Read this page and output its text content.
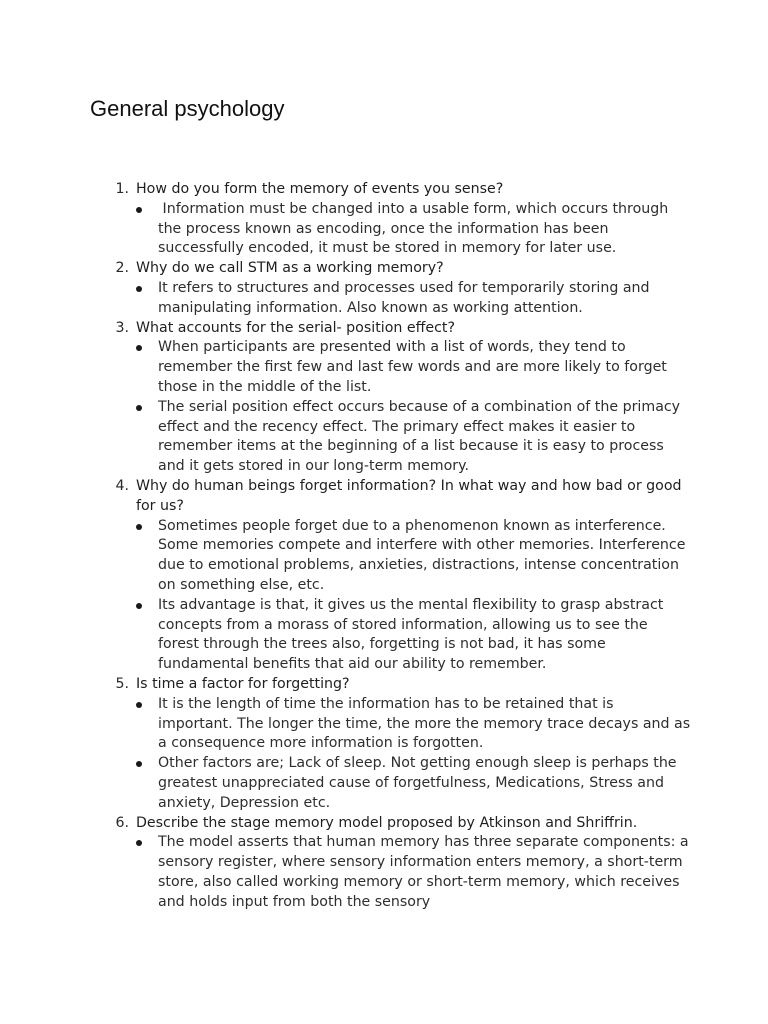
General psychology
1. How do you form the memory of events you sense?
Information must be changed into a usable form, which occurs through the process known as encoding, once the information has been successfully encoded, it must be stored in memory for later use.
2. Why do we call STM as a working memory?
It refers to structures and processes used for temporarily storing and manipulating information. Also known as working attention.
3. What accounts for the serial- position effect?
When participants are presented with a list of words, they tend to remember the first few and last few words and are more likely to forget those in the middle of the list.
The serial position effect occurs because of a combination of the primacy effect and the recency effect. The primary effect makes it easier to remember items at the beginning of a list because it is easy to process and it gets stored in our long-term memory.
4. Why do human beings forget information? In what way and how bad or good for us?
Sometimes people forget due to a phenomenon known as interference. Some memories compete and interfere with other memories. Interference due to emotional problems, anxieties, distractions, intense concentration on something else, etc.
Its advantage is that, it gives us the mental flexibility to grasp abstract concepts from a morass of stored information, allowing us to see the forest through the trees also, forgetting is not bad, it has some fundamental benefits that aid our ability to remember.
5. Is time a factor for forgetting?
It is the length of time the information has to be retained that is important. The longer the time, the more the memory trace decays and as a consequence more information is forgotten.
Other factors are; Lack of sleep. Not getting enough sleep is perhaps the greatest unappreciated cause of forgetfulness, Medications, Stress and anxiety, Depression etc.
6. Describe the stage memory model proposed by Atkinson and Shriffrin.
The model asserts that human memory has three separate components: a sensory register, where sensory information enters memory, a short-term store, also called working memory or short-term memory, which receives and holds input from both the sensory
